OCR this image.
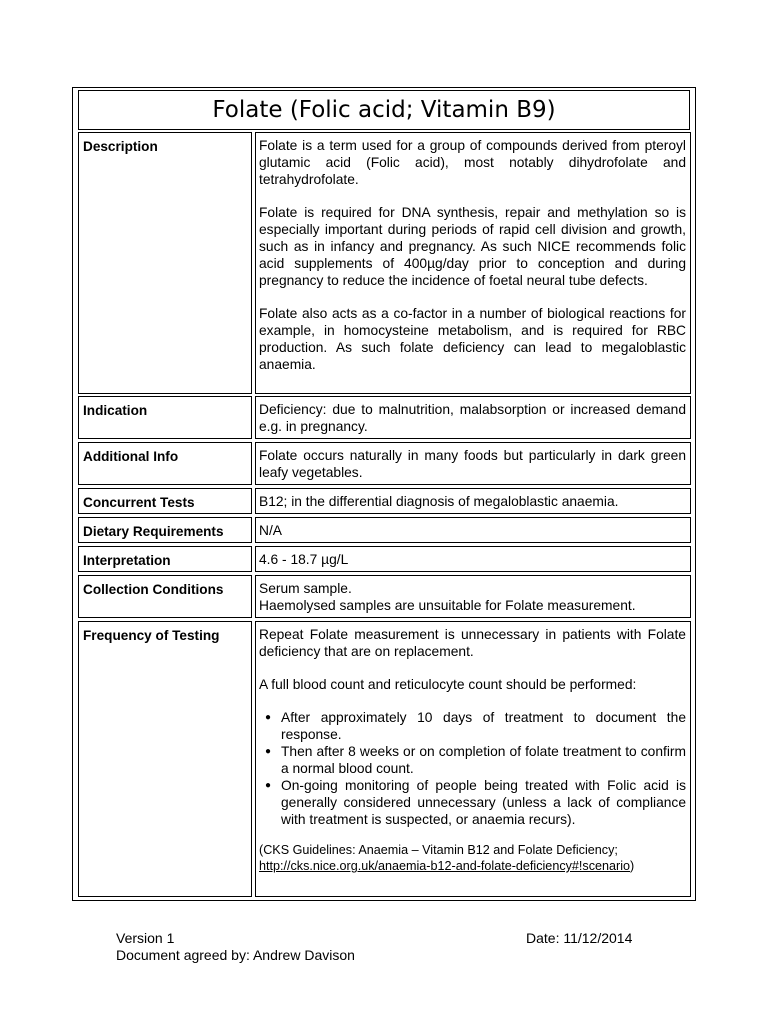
Folate (Folic acid; Vitamin B9)
Description	Folate is a term used for a group of compounds derived from pteroyl glutamic acid (Folic acid), most notably dihydrofolate and tetrahydrofolate.

Folate is required for DNA synthesis, repair and methylation so is especially important during periods of rapid cell division and growth, such as in infancy and pregnancy. As such NICE recommends folic acid supplements of 400µg/day prior to conception and during pregnancy to reduce the incidence of foetal neural tube defects.

Folate also acts as a co-factor in a number of biological reactions for example, in homocysteine metabolism, and is required for RBC production. As such folate deficiency can lead to megaloblastic anaemia.

Indication	Deficiency: due to malnutrition, malabsorption or increased demand e.g. in pregnancy.
Additional Info	Folate occurs naturally in many foods but particularly in dark green leafy vegetables.
Concurrent Tests	B12; in the differential diagnosis of megaloblastic anaemia.
Dietary Requirements	N/A
Interpretation	4.6 - 18.7 µg/L
Collection Conditions	Serum sample.
Haemolysed samples are unsuitable for Folate measurement.
Frequency of Testing	Repeat Folate measurement is unnecessary in patients with Folate deficiency that are on replacement.

A full blood count and reticulocyte count should be performed:

● After approximately 10 days of treatment to document the response.
● Then after 8 weeks or on completion of folate treatment to confirm a normal blood count.
● On-going monitoring of people being treated with Folic acid is generally considered unnecessary (unless a lack of compliance with treatment is suspected, or anaemia recurs).
(CKS Guidelines: Anaemia – Vitamin B12 and Folate Deficiency;
http://cks.nice.org.uk/anaemia-b12-and-folate-deficiency#!scenario)
Version 1	Date: 11/12/2014
Document agreed by: Andrew Davison
